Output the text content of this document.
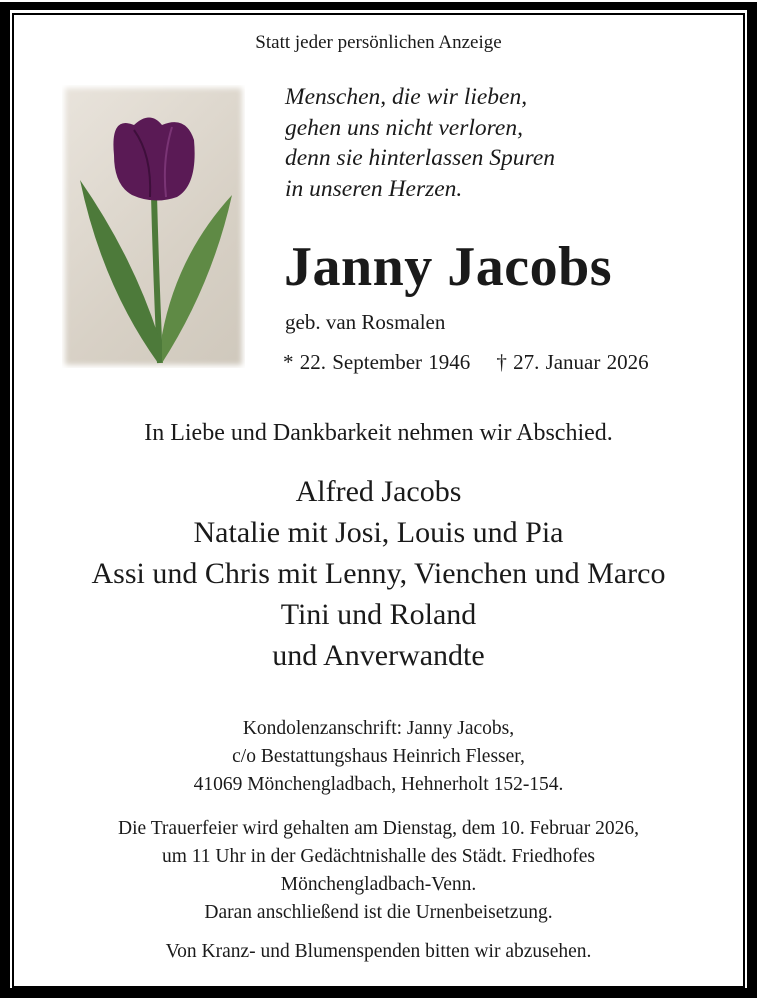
Statt jeder persönlichen Anzeige
Menschen, die wir lieben,
gehen uns nicht verloren,
denn sie hinterlassen Spuren
in unseren Herzen.
Janny Jacobs
geb. van Rosmalen
* 22. September 1946 † 27. Januar 2026
In Liebe und Dankbarkeit nehmen wir Abschied.
Alfred Jacobs
Natalie mit Josi, Louis und Pia
Assi und Chris mit Lenny, Vienchen und Marco
Tini und Roland
und Anverwandte
Kondolenzanschrift: Janny Jacobs,
c/o Bestattungshaus Heinrich Flesser,
41069 Mönchengladbach, Hehnerholt 152-154.
Die Trauerfeier wird gehalten am Dienstag, dem 10. Februar 2026,
um 11 Uhr in der Gedächtnishalle des Städt. Friedhofes
Mönchengladbach-Venn.
Daran anschließend ist die Urnenbeisetzung.
Von Kranz- und Blumenspenden bitten wir abzusehen.
